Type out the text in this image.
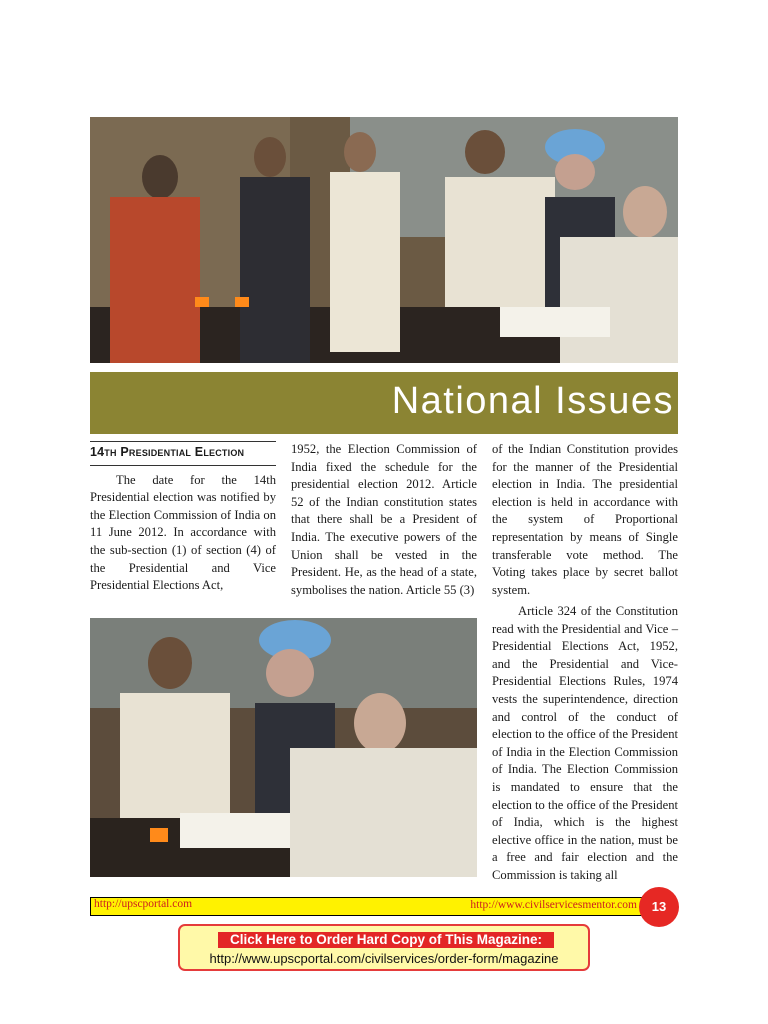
National Issues
14th Presidential Election

The date for the 14th Presidential election was notified by the Election Commission of India on 11 June 2012. In accordance with the sub-section (1) of section (4) of the Presidential and Vice Presidential Elections Act,

1952, the Election Commission of India fixed the schedule for the presidential election 2012. Article 52 of the Indian constitution states that there shall be a President of India. The executive powers of the Union shall be vested in the President. He, as the head of a state, symbolises the nation. Article 55 (3)

of the Indian Constitution provides for the manner of the Presidential election in India. The presidential election is held in accordance with the system of Proportional representation by means of Single transferable vote method. The Voting takes place by secret ballot system.

Article 324 of the Constitution read with the Presidential and Vice –Presidential Elections Act, 1952, and the Presidential and Vice-Presidential Elections Rules, 1974 vests the superintendence, direction and control of the conduct of election to the office of the President of India in the Election Commission of India. The Election Commission is mandated to ensure that the election to the office of the President of India, which is the highest elective office in the nation, must be a free and fair election and the Commission is taking all

http://upscportal.com	http://www.civilservicesmentor.com	13
Click Here to Order Hard Copy of This Magazine:
http://www.upscportal.com/civilservices/order-form/magazine
